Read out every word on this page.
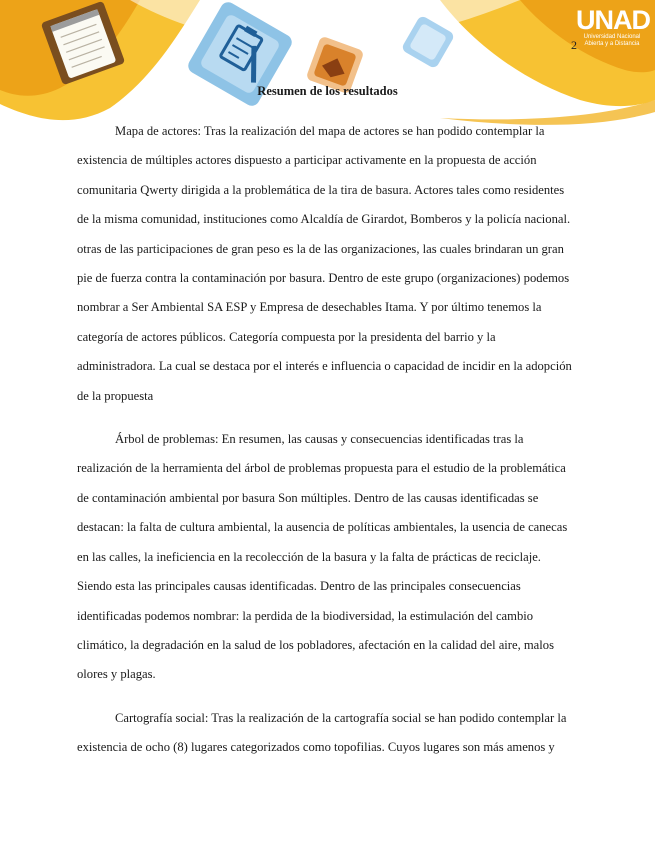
UNAD
Universidad Nacional
Abierta y a Distancia
2
Resumen de los resultados

Mapa de actores: Tras la realización del mapa de actores se han podido contemplar la existencia de múltiples actores dispuesto a participar activamente en la propuesta de acción comunitaria Qwerty dirigida a la problemática de la tira de basura. Actores tales como residentes de la misma comunidad, instituciones como Alcaldía de Girardot, Bomberos y la policía nacional. otras de las participaciones de gran peso es la de las organizaciones, las cuales brindaran un gran pie de fuerza contra la contaminación por basura. Dentro de este grupo (organizaciones) podemos nombrar a Ser Ambiental SA ESP y Empresa de desechables Itama. Y por último tenemos la categoría de actores públicos. Categoría compuesta por la presidenta del barrio y la administradora. La cual se destaca por el interés e influencia o capacidad de incidir en la adopción de la propuesta

Árbol de problemas: En resumen, las causas y consecuencias identificadas tras la realización de la herramienta del árbol de problemas propuesta para el estudio de la problemática de contaminación ambiental por basura Son múltiples. Dentro de las causas identificadas se destacan: la falta de cultura ambiental, la ausencia de políticas ambientales, la usencia de canecas en las calles, la ineficiencia en la recolección de la basura y la falta de prácticas de reciclaje. Siendo esta las principales causas identificadas. Dentro de las principales consecuencias identificadas podemos nombrar: la perdida de la biodiversidad, la estimulación del cambio climático, la degradación en la salud de los pobladores, afectación en la calidad del aire, malos olores y plagas.

Cartografía social: Tras la realización de la cartografía social se han podido contemplar la existencia de ocho (8) lugares categorizados como topofilias. Cuyos lugares son más amenos y
